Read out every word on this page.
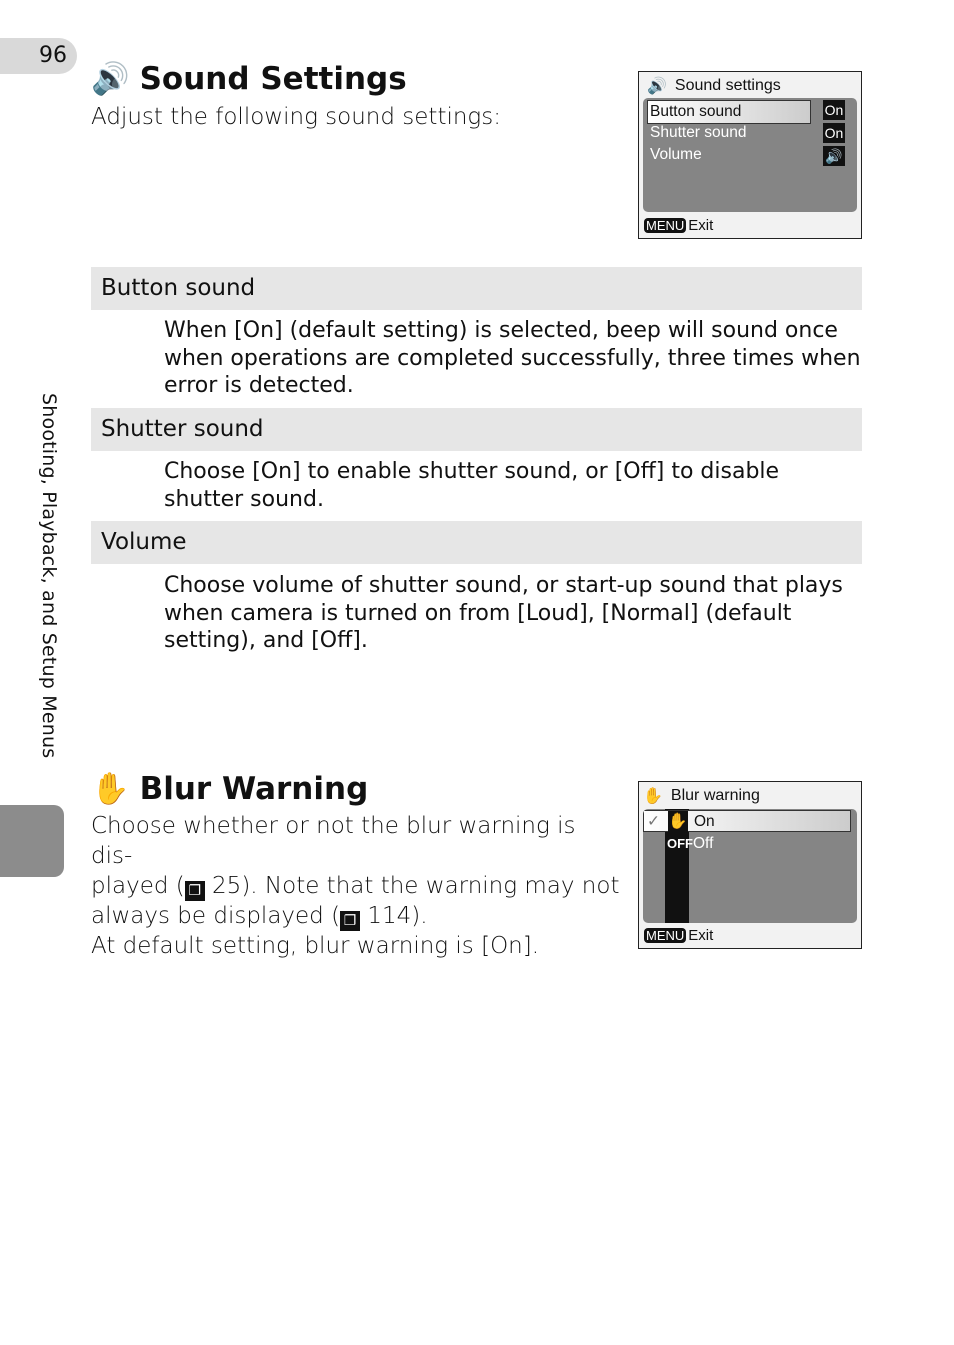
96
Shooting, Playback, and Setup Menus
🔊 Sound Settings
Adjust the following sound settings:
🔊 Sound settings
Button sound	On
Shutter sound	On
Volume	🔊
MENU Exit
Button sound
When [On] (default setting) is selected, beep will sound once when operations are completed successfully, three times when error is detected.
Shutter sound
Choose [On] to enable shutter sound, or [Off] to disable shutter sound.
Volume
Choose volume of shutter sound, or start-up sound that plays when camera is turned on from [Loud], [Normal] (default setting), and [Off].
✋ Blur Warning
Choose whether or not the blur warning is dis-
played ( ❐ 25). Note that the warning may not
always be displayed ( ❐ 114).
At default setting, blur warning is [On].
✋ Blur warning
✓ ✋ On
OFF Off
MENU Exit
